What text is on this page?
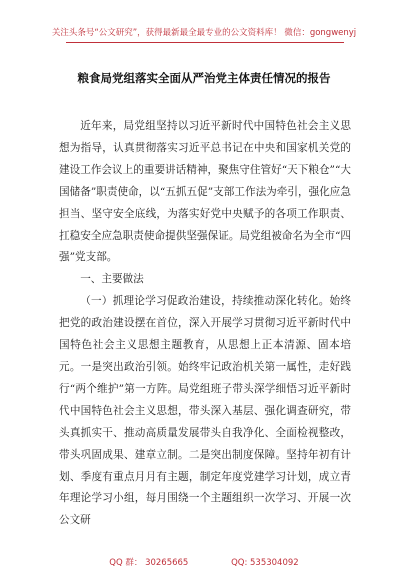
关注头条号“公文研究”，获得最新最全最专业的公文资料库！ 微信：gongwenyj
粮食局党组落实全面从严治党主体责任情况的报告

近年来，局党组坚持以习近平新时代中国特色社会主义思想为指导，认真贯彻落实习近平总书记在中央和国家机关党的建设工作会议上的重要讲话精神，聚焦守住管好“天下粮仓”“大国储备”职责使命，以“五抓五促”支部工作法为牵引，强化应急担当、坚守安全底线，为落实好党中央赋予的各项工作职责、扛稳安全应急职责使命提供坚强保证。局党组被命名为全市“四强”党支部。

一、主要做法

（一）抓理论学习促政治建设，持续推动深化转化。始终把党的政治建设摆在首位，深入开展学习贯彻习近平新时代中国特色社会主义思想主题教育，从思想上正本清源、固本培元。一是突出政治引领。始终牢记政治机关第一属性，走好践行“两个维护”第一方阵。局党组班子带头深学细悟习近平新时代中国特色社会主义思想，带头深入基层、强化调查研究，带头真抓实干、推动高质量发展带头自我净化、全面检视整改，带头巩固成果、建章立制。二是突出制度保障。坚持年初有计划、季度有重点月月有主题，制定年度党建学习计划，成立青年理论学习小组，每月围绕一个主题组织一次学习、开展一次公文研

QQ 群： 30265665	QQ: 535304092
